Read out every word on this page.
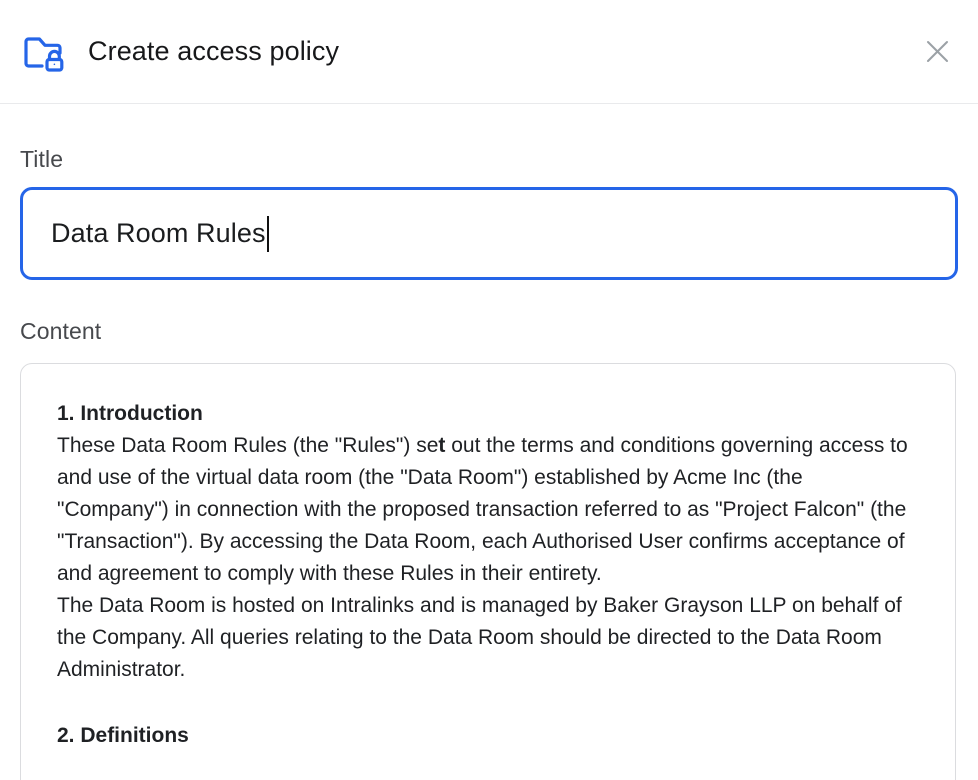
Create access policy
Title
Data Room Rules
Content
1. Introduction
These Data Room Rules (the "Rules") set out the terms and conditions governing access to and use of the virtual data room (the "Data Room") established by Acme Inc (the "Company") in connection with the proposed transaction referred to as "Project Falcon" (the "Transaction"). By accessing the Data Room, each Authorised User confirms acceptance of and agreement to comply with these Rules in their entirety.
The Data Room is hosted on Intralinks and is managed by Baker Grayson LLP on behalf of the Company. All queries relating to the Data Room should be directed to the Data Room Administrator.
2. Definitions
